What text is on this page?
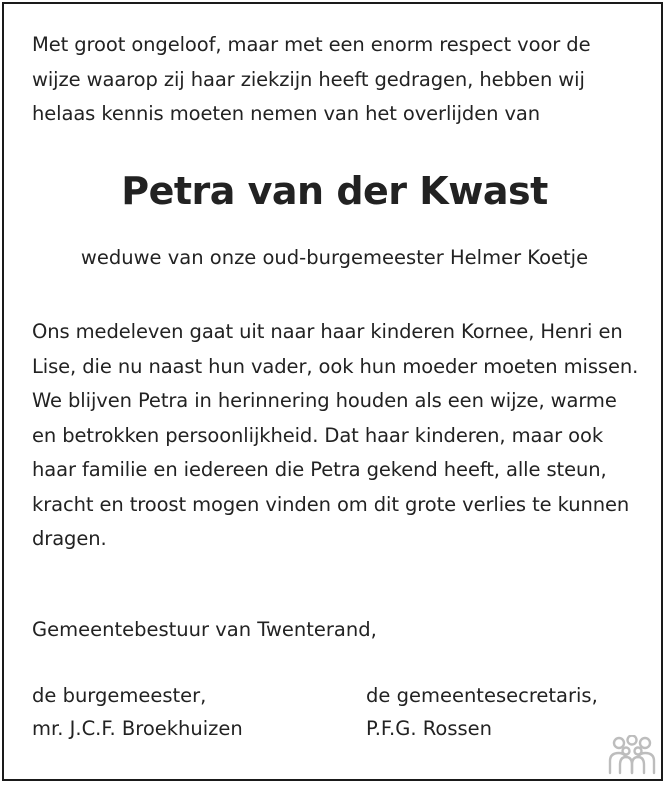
Met groot ongeloof, maar met een enorm respect voor de wijze waarop zij haar ziekzijn heeft gedragen, hebben wij helaas kennis moeten nemen van het overlijden van

Petra van der Kwast
weduwe van onze oud-burgemeester Helmer Koetje

Ons medeleven gaat uit naar haar kinderen Kornee, Henri en Lise, die nu naast hun vader, ook hun moeder moeten missen. We blijven Petra in herinnering houden als een wijze, warme en betrokken persoonlijkheid. Dat haar kinderen, maar ook haar familie en iedereen die Petra gekend heeft, alle steun, kracht en troost mogen vinden om dit grote verlies te kunnen dragen.

Gemeentebestuur van Twenterand,
de burgemeester,
mr. J.C.F. Broekhuizen
de gemeentesecretaris,
P.F.G. Rossen
